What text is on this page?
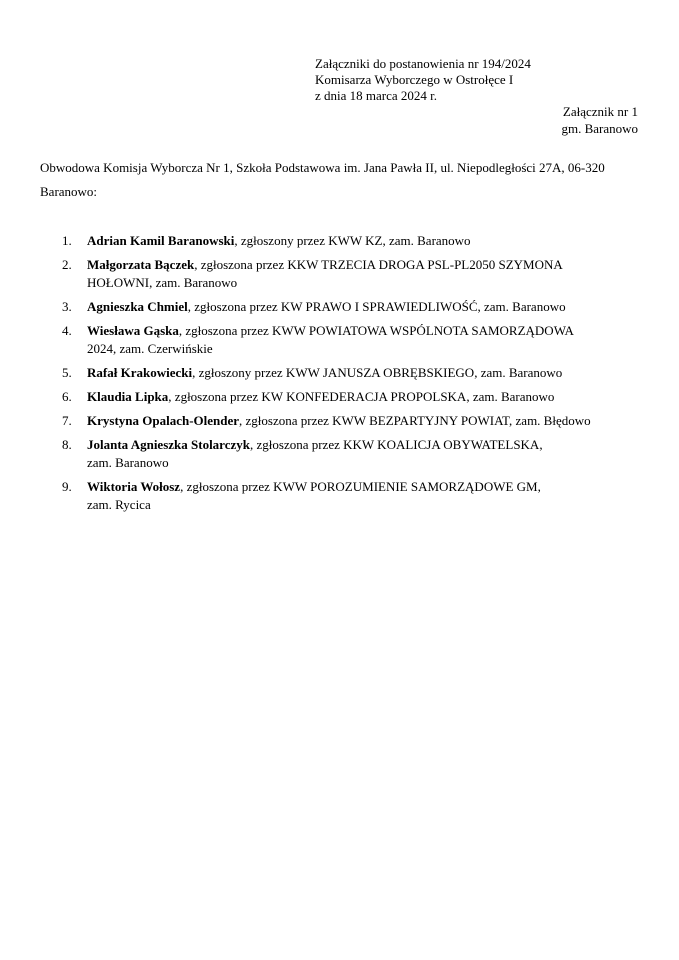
Załączniki do postanowienia nr 194/2024
Komisarza Wyborczego w Ostrołęce I
z dnia 18 marca 2024 r.
Załącznik nr 1
gm. Baranowo
Obwodowa Komisja Wyborcza Nr 1, Szkoła Podstawowa im. Jana Pawła II, ul. Niepodległości 27A, 06-320
Baranowo:
1. Adrian Kamil Baranowski, zgłoszony przez KWW KZ, zam. Baranowo
2. Małgorzata Bączek, zgłoszona przez KKW TRZECIA DROGA PSL-PL2050 SZYMONA
HOŁOWNI, zam. Baranowo
3. Agnieszka Chmiel, zgłoszona przez KW PRAWO I SPRAWIEDLIWOŚĆ, zam. Baranowo
4. Wiesława Gąska, zgłoszona przez KWW POWIATOWA WSPÓLNOTA SAMORZĄDOWA
2024, zam. Czerwińskie
5. Rafał Krakowiecki, zgłoszony przez KWW JANUSZA OBRĘBSKIEGO, zam. Baranowo
6. Klaudia Lipka, zgłoszona przez KW KONFEDERACJA PROPOLSKA, zam. Baranowo
7. Krystyna Opalach-Olender, zgłoszona przez KWW BEZPARTYJNY POWIAT, zam. Błędowo
8. Jolanta Agnieszka Stolarczyk, zgłoszona przez KKW KOALICJA OBYWATELSKA,
zam. Baranowo
9. Wiktoria Wołosz, zgłoszona przez KWW POROZUMIENIE SAMORZĄDOWE GM,
zam. Rycica
